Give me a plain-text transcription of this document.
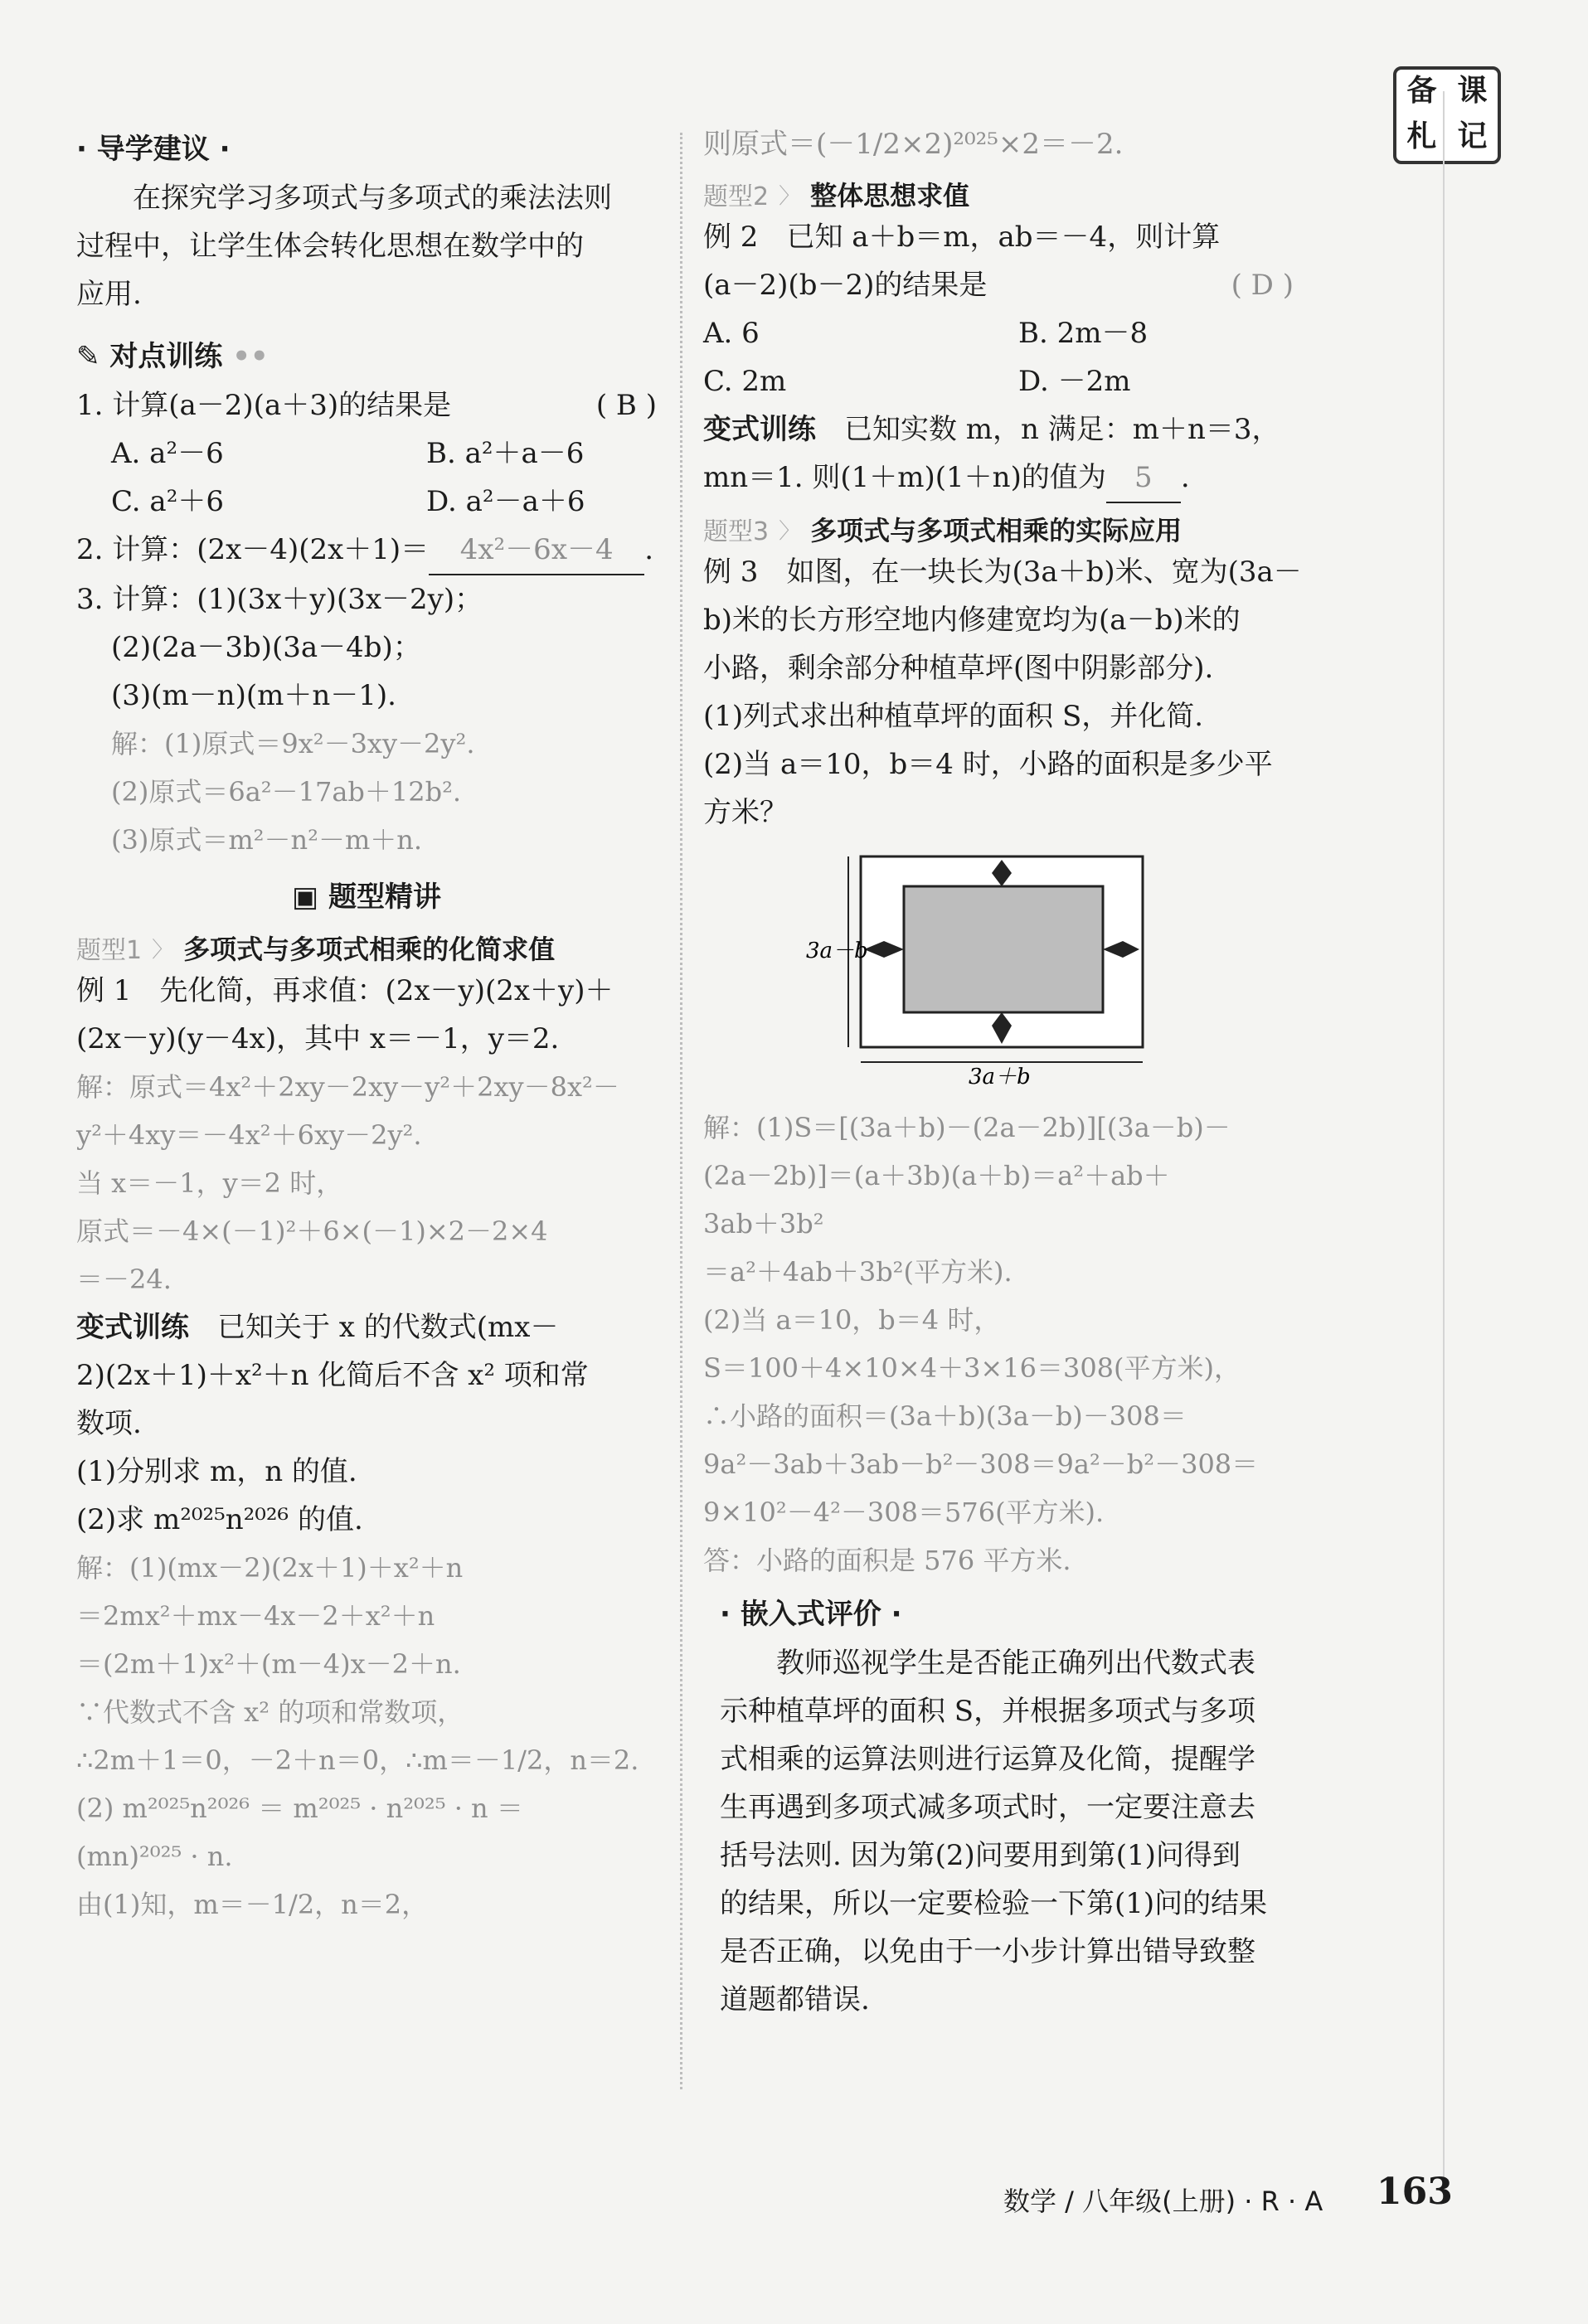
备 课
札 记
· 导学建议 ·
在探究学习多项式与多项式的乘法法则
过程中，让学生体会转化思想在数学中的
应用.
✎ 对点训练 ••
1. 计算(a－2)(a＋3)的结果是	( B )
A. a²－6	B. a²＋a－6
C. a²＋6	D. a²－a＋6
2. 计算：(2x－4)(2x＋1)＝ 4x²－6x－4 .
3. 计算：(1)(3x＋y)(3x－2y)；
(2)(2a－3b)(3a－4b)；
(3)(m－n)(m＋n－1).
解：(1)原式＝9x²－3xy－2y².
(2)原式＝6a²－17ab＋12b².
(3)原式＝m²－n²－m＋n.
▣ 题型精讲
题型1 〉 多项式与多项式相乘的化简求值
例 1　先化简，再求值：(2x－y)(2x＋y)＋
(2x－y)(y－4x)，其中 x＝－1，y＝2.
解：原式＝4x²＋2xy－2xy－y²＋2xy－8x²－
y²＋4xy＝－4x²＋6xy－2y².
当 x＝－1，y＝2 时，
原式＝－4×(－1)²＋6×(－1)×2－2×4
＝－24.
变式训练　 已知关于 x 的代数式(mx－
2)(2x＋1)＋x²＋n 化简后不含 x² 项和常
数项.
(1)分别求 m，n 的值.
(2)求 m²⁰²⁵n²⁰²⁶ 的值.
解：(1)(mx－2)(2x＋1)＋x²＋n
＝2mx²＋mx－4x－2＋x²＋n
＝(2m＋1)x²＋(m－4)x－2＋n.
∵代数式不含 x² 的项和常数项，
∴2m＋1＝0，－2＋n＝0，∴m＝－1/2，n＝2.
(2) m²⁰²⁵n²⁰²⁶ ＝ m²⁰²⁵ · n²⁰²⁵ · n ＝
(mn)²⁰²⁵ · n.
由(1)知，m＝－1/2，n＝2，
则原式＝(－1/2×2)²⁰²⁵×2＝－2.
题型2 〉 整体思想求值
例 2　已知 a＋b＝m，ab＝－4，则计算
(a－2)(b－2)的结果是	( D )
A. 6	B. 2m－8
C. 2m	D. －2m
变式训练　 已知实数 m，n 满足：m＋n＝3，
mn＝1. 则(1＋m)(1＋n)的值为 5 .
题型3 〉 多项式与多项式相乘的实际应用
例 3　如图，在一块长为(3a＋b)米、宽为(3a－
b)米的长方形空地内修建宽均为(a－b)米的
小路，剩余部分种植草坪(图中阴影部分).
(1)列式求出种植草坪的面积 S，并化简.
(2)当 a＝10，b＝4 时，小路的面积是多少平
方米？
3a－b
3a＋b
解：(1)S＝[(3a＋b)－(2a－2b)][(3a－b)－
(2a－2b)]＝(a＋3b)(a＋b)＝a²＋ab＋
3ab＋3b²
＝a²＋4ab＋3b²(平方米).
(2)当 a＝10，b＝4 时，
S＝100＋4×10×4＋3×16＝308(平方米)，
∴小路的面积＝(3a＋b)(3a－b)－308＝
9a²－3ab＋3ab－b²－308＝9a²－b²－308＝
9×10²－4²－308＝576(平方米).
答：小路的面积是 576 平方米.
· 嵌入式评价 ·
教师巡视学生是否能正确列出代数式表
示种植草坪的面积 S，并根据多项式与多项
式相乘的运算法则进行运算及化简，提醒学
生再遇到多项式减多项式时，一定要注意去
括号法则. 因为第(2)问要用到第(1)问得到
的结果，所以一定要检验一下第(1)问的结果
是否正确，以免由于一小步计算出错导致整
道题都错误.
数学 / 八年级(上册) · R · A 163
